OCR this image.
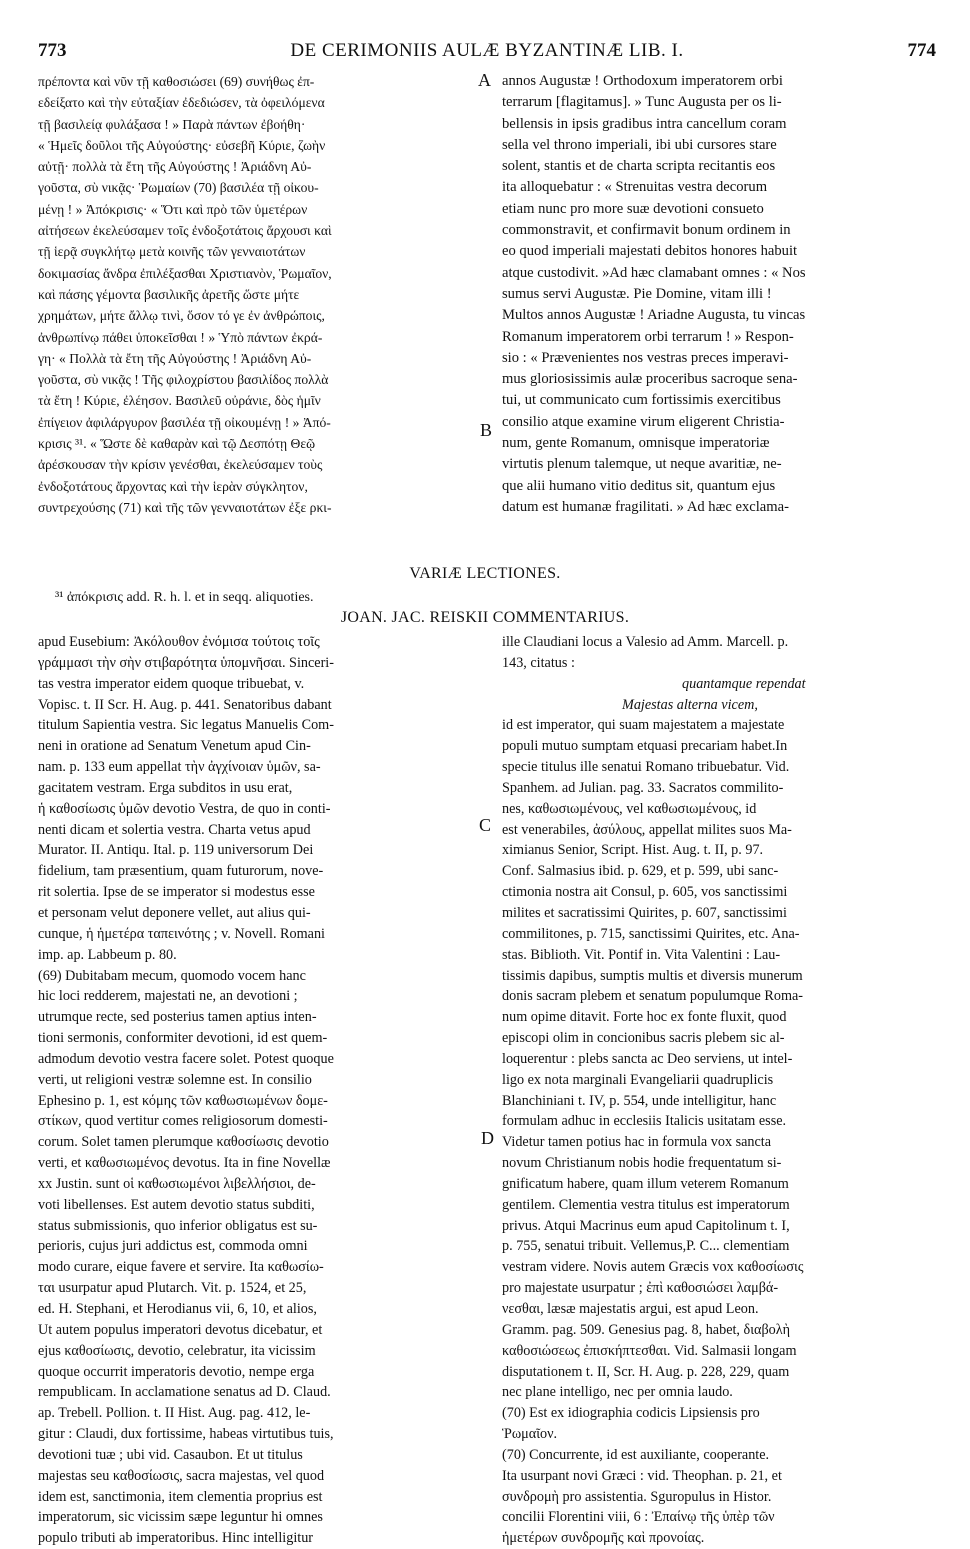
773	DE CERIMONIIS AULÆ BYZANTINÆ LIB. I.	774
πρέποντα καὶ νῦν τῇ καθοσιώσει (69) συνήθως ἐπ-
εδείξατο καὶ τὴν εὐταξίαν ἐδεδιώσεν, τὰ ὀφειλόμενα
τῇ βασιλείᾳ φυλάξασα ! » Παρὰ πάντων ἐβοήθη·
« Ἡμεῖς δοῦλοι τῆς Αὐγούστης· εὐσεβῆ Κύριε, ζωὴν
αὐτῇ· πολλὰ τὰ ἔτη τῆς Αὐγούστης ! Ἀριάδνη Αὐ-
γοῦστα, σὺ νικᾷς· Ῥωμαίων (70) βασιλέα τῇ οἰκου-
μένῃ ! » Ἀπόκρισις· « Ὅτι καὶ πρὸ τῶν ὑμετέρων
αἰτήσεων ἐκελεύσαμεν τοῖς ἐνδοξοτάτοις ἄρχουσι καὶ
τῇ ἱερᾷ συγκλήτῳ μετὰ κοινῆς τῶν γενναιοτάτων
δοκιμασίας ἄνδρα ἐπιλέξασθαι Χριστιανὸν, Ῥωμαῖον,
καὶ πάσης γέμοντα βασιλικῆς ἀρετῆς ὥστε μήτε
χρημάτων, μήτε ἄλλῳ τινὶ, ὅσον τό γε ἐν ἀνθρώποις,
ἀνθρωπίνῳ πάθει ὑποκεῖσθαι ! » Ὑπὸ πάντων ἐκρά-
γη· « Πολλὰ τὰ ἔτη τῆς Αὐγούστης ! Ἀριάδνη Αὐ-
γοῦστα, σὺ νικᾷς ! Τῆς φιλοχρίστου βασιλίδος πολλὰ
τὰ ἔτη ! Κύριε, ἐλέησον. Βασιλεῦ οὐράνιε, δὸς ἡμῖν
ἐπίγειον ἀφιλάργυρον βασιλέα τῇ οἰκουμένῃ ! » Ἀπό-
κρισις ³¹. « Ὥστε δὲ καθαρὰν καὶ τῷ Δεσπότῃ Θεῷ
ἀρέσκουσαν τὴν κρίσιν γενέσθαι, ἐκελεύσαμεν τοὺς
ἐνδοξοτάτους ἄρχοντας καὶ τὴν ἱερὰν σύγκλητον,
συντρεχούσης (71) καὶ τῆς τῶν γενναιοτάτων ἐξε ρκι-
annos Augustæ ! Orthodoxum imperatorem orbi
terrarum [flagitamus]. » Tunc Augusta per os li-
bellensis in ipsis gradibus intra cancellum coram
sella vel throno imperiali, ibi ubi cursores stare
solent, stantis et de charta scripta recitantis eos
ita alloquebatur : « Strenuitas vestra decorum
etiam nunc pro more suæ devotioni consueto
commonstravit, et confirmavit bonum ordinem in
eo quod imperiali majestati debitos honores habuit
atque custodivit. »Ad hæc clamabant omnes : « Nos
sumus servi Augustæ. Pie Domine, vitam illi !
Multos annos Augustæ ! Ariadne Augusta, tu vincas
Romanum imperatorem orbi terrarum ! » Respon-
sio : « Prævenientes nos vestras preces imperavi-
mus gloriosissimis aulæ proceribus sacroque sena-
tui, ut communicato cum fortissimis exercitibus
consilio atque examine virum eligerent Christia-
num, gente Romanum, omnisque imperatoriæ
virtutis plenum talemque, ut neque avaritiæ, ne-
que alii humano vitio deditus sit, quantum ejus
datum est humanæ fragilitati. » Ad hæc exclama-
A
B
C
D
VARIÆ LECTIONES.
³¹ ἀπόκρισις add. R. h. l. et in seqq. aliquoties.
JOAN. JAC. REISKII COMMENTARIUS.
apud Eusebium: Ἀκόλουθον ἐνόμισα τούτοις τοῖς
γράμμασι τὴν σὴν στιβαρότητα ὑπομνῆσαι. Sinceri-
tas vestra imperator eidem quoque tribuebat, v.
Vopisc. t. II Scr. H. Aug. p. 441. Senatoribus dabant
titulum Sapientia vestra. Sic legatus Manuelis Com-
neni in oratione ad Senatum Venetum apud Cin-
nam. p. 133 eum appellat τὴν ἀγχίνοιαν ὑμῶν, sa-
gacitatem vestram. Erga subditos in usu erat,
ἡ καθοσίωσις ὑμῶν devotio Vestra, de quo in conti-
nenti dicam et solertia vestra. Charta vetus apud
Murator. II. Antiqu. Ital. p. 119 universorum Dei
fidelium, tam præsentium, quam futurorum, nove-
rit solertia. Ipse de se imperator si modestus esse
et personam velut deponere vellet, aut alius qui-
cunque, ἡ ἡμετέρα ταπεινότης ; v. Novell. Romani
imp. ap. Labbeum p. 80.
(69) Dubitabam mecum, quomodo vocem hanc
hic loci redderem, majestati ne, an devotioni ;
utrumque recte, sed posterius tamen aptius inten-
tioni sermonis, conformiter devotioni, id est quem-
admodum devotio vestra facere solet. Potest quoque
verti, ut religioni vestræ solemne est. In consilio
Ephesino p. 1, est κόμης τῶν καθωσιωμένων δομε-
στίκων, quod vertitur comes religiosorum domesti-
corum. Solet tamen plerumque καθοσίωσις devotio
verti, et καθωσιωμένος devotus. Ita in fine Novellæ
xx Justin. sunt οἱ καθωσιωμένοι λιβελλήσιοι, de-
voti libellenses. Est autem devotio status subditi,
status submissionis, quo inferior obligatus est su-
perioris, cujus juri addictus est, commoda omni
modo curare, eique favere et servire. Ita καθωσίω-
ται usurpatur apud Plutarch. Vit. p. 1524, et 25,
ed. H. Stephani, et Herodianus vii, 6, 10, et alios,
Ut autem populus imperatori devotus dicebatur, et
ejus καθοσίωσις, devotio, celebratur, ita vicissim
quoque occurrit imperatoris devotio, nempe erga
rempublicam. In acclamatione senatus ad D. Claud.
ap. Trebell. Pollion. t. II Hist. Aug. pag. 412, le-
gitur : Claudi, dux fortissime, habeas virtutibus tuis,
devotioni tuæ ; ubi vid. Casaubon. Et ut titulus
majestas seu καθοσίωσις, sacra majestas, vel quod
idem est, sanctimonia, item clementia proprius est
imperatorum, sic vicissim sæpe leguntur hi omnes
populo tributi ab imperatoribus. Hinc intelligitur
ille Claudiani locus a Valesio ad Amm. Marcell. p.
143, citatus :
quantamque rependat
Majestas alterna vicem,
id est imperator, qui suam majestatem a majestate
populi mutuo sumptam etquasi precariam habet.In
specie titulus ille senatui Romano tribuebatur. Vid.
Spanhem. ad Julian. pag. 33. Sacratos commilito-
nes, καθωσιωμένους, vel καθωσιωμένους, id
est venerabiles, ἀσύλους, appellat milites suos Ma-
ximianus Senior, Script. Hist. Aug. t. II, p. 97.
Conf. Salmasius ibid. p. 629, et p. 599, ubi sanc-
ctimonia nostra ait Consul, p. 605, vos sanctissimi
milites et sacratissimi Quirites, p. 607, sanctissimi
commilitones, p. 715, sanctissimi Quirites, etc. Ana-
stas. Biblioth. Vit. Pontif in. Vita Valentini : Lau-
tissimis dapibus, sumptis multis et diversis munerum
donis sacram plebem et senatum populumque Roma-
num opime ditavit. Forte hoc ex fonte fluxit, quod
episcopi olim in concionibus sacris plebem sic al-
loquerentur : plebs sancta ac Deo serviens, ut intel-
ligo ex nota marginali Evangeliarii quadruplicis
Blanchiniani t. IV, p. 554, unde intelligitur, hanc
formulam adhuc in ecclesiis Italicis usitatam esse.
Videtur tamen potius hac in formula vox sancta
novum Christianum nobis hodie frequentatum si-
gnificatum habere, quam illum veterem Romanum
gentilem. Clementia vestra titulus est imperatorum
privus. Atqui Macrinus eum apud Capitolinum t. I,
p. 755, senatui tribuit. Vellemus,P. C... clementiam
vestram videre. Novis autem Græcis vox καθοσίωσις
pro majestate usurpatur ; ἐπὶ καθοσιώσει λαμβά-
νεσθαι, læsæ majestatis argui, est apud Leon.
Gramm. pag. 509. Genesius pag. 8, habet, διαβολὴ
καθοσιώσεως ἐπισκήπτεσθαι. Vid. Salmasii longam
disputationem t. II, Scr. H. Aug. p. 228, 229, quam
nec plane intelligo, nec per omnia laudo.
(70) Est ex idiographia codicis Lipsiensis pro
Ῥωμαῖον.
(70) Concurrente, id est auxiliante, cooperante.
Ita usurpant novi Græci : vid. Theophan. p. 21, et
συνδρομὴ pro assistentia. Sguropulus in Histor.
concilii Florentini viii, 6 : Ἐπαίνῳ τῆς ὑπὲρ τῶν
ἡμετέρων συνδρομῆς καὶ προνοίας.
